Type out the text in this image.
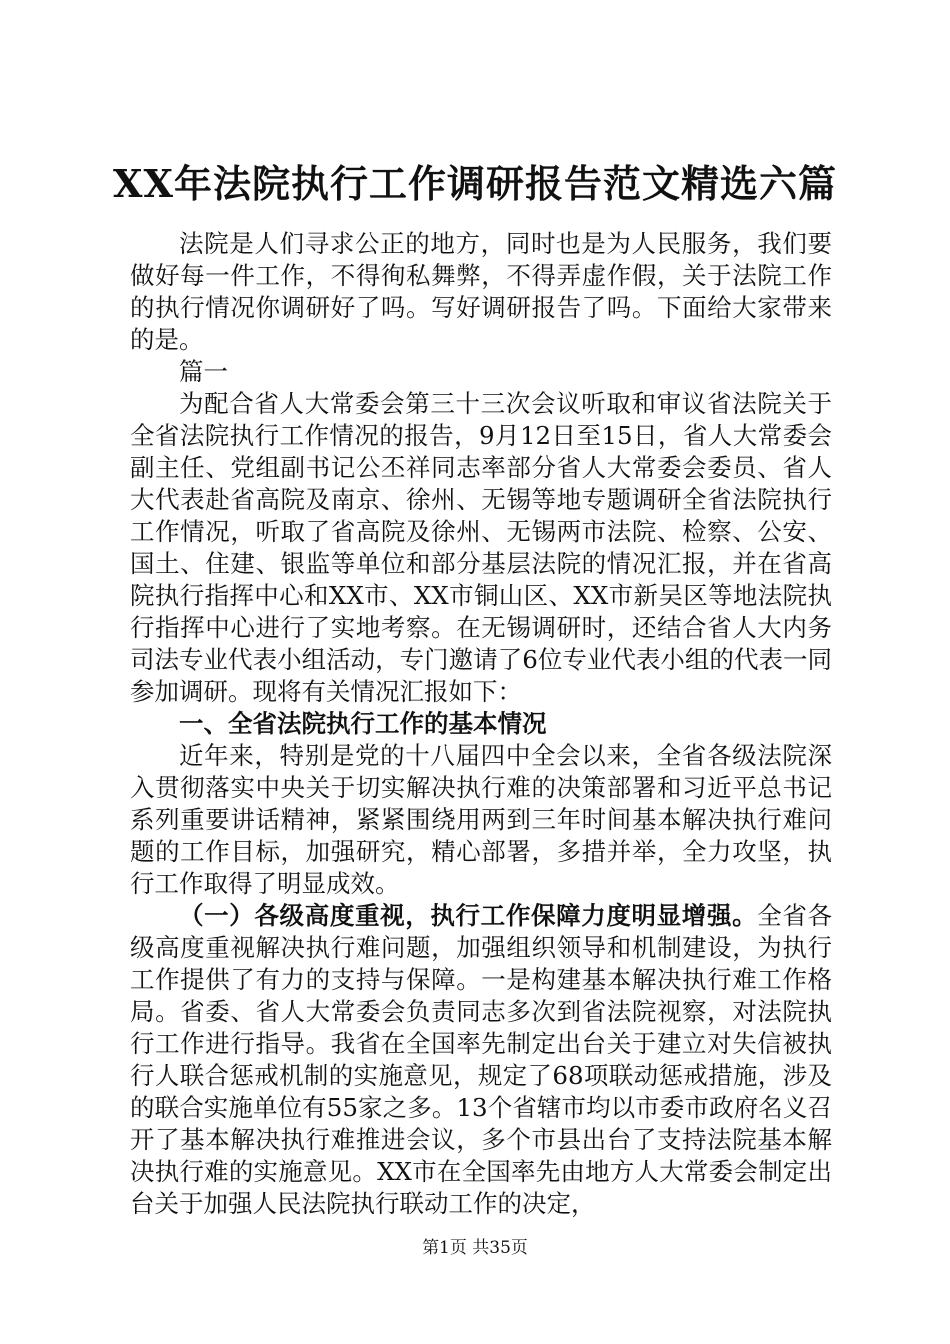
XX年法院执行工作调研报告范文精选六篇

法院是人们寻求公正的地方，同时也是为人民服务，我们要做好每一件工作，不得徇私舞弊，不得弄虚作假，关于法院工作的执行情况你调研好了吗。写好调研报告了吗。下面给大家带来的是。

篇一

为配合省人大常委会第三十三次会议听取和审议省法院关于全省法院执行工作情况的报告，9月12日至15日，省人大常委会副主任、党组副书记公丕祥同志率部分省人大常委会委员、省人大代表赴省高院及南京、徐州、无锡等地专题调研全省法院执行工作情况，听取了省高院及徐州、无锡两市法院、检察、公安、国土、住建、银监等单位和部分基层法院的情况汇报，并在省高院执行指挥中心和XX市、XX市铜山区、XX市新吴区等地法院执行指挥中心进行了实地考察。在无锡调研时，还结合省人大内务司法专业代表小组活动，专门邀请了6位专业代表小组的代表一同参加调研。现将有关情况汇报如下：

一、全省法院执行工作的基本情况

近年来，特别是党的十八届四中全会以来，全省各级法院深入贯彻落实中央关于切实解决执行难的决策部署和习近平总书记系列重要讲话精神，紧紧围绕用两到三年时间基本解决执行难问题的工作目标，加强研究，精心部署，多措并举，全力攻坚，执行工作取得了明显成效。

（一）各级高度重视，执行工作保障力度明显增强。全省各级高度重视解决执行难问题，加强组织领导和机制建设，为执行工作提供了有力的支持与保障。一是构建基本解决执行难工作格局。省委、省人大常委会负责同志多次到省法院视察，对法院执行工作进行指导。我省在全国率先制定出台关于建立对失信被执行人联合惩戒机制的实施意见，规定了68项联动惩戒措施，涉及的联合实施单位有55家之多。13个省辖市均以市委市政府名义召开了基本解决执行难推进会议，多个市县出台了支持法院基本解决执行难的实施意见。XX市在全国率先由地方人大常委会制定出台关于加强人民法院执行联动工作的决定，

第1页 共35页
